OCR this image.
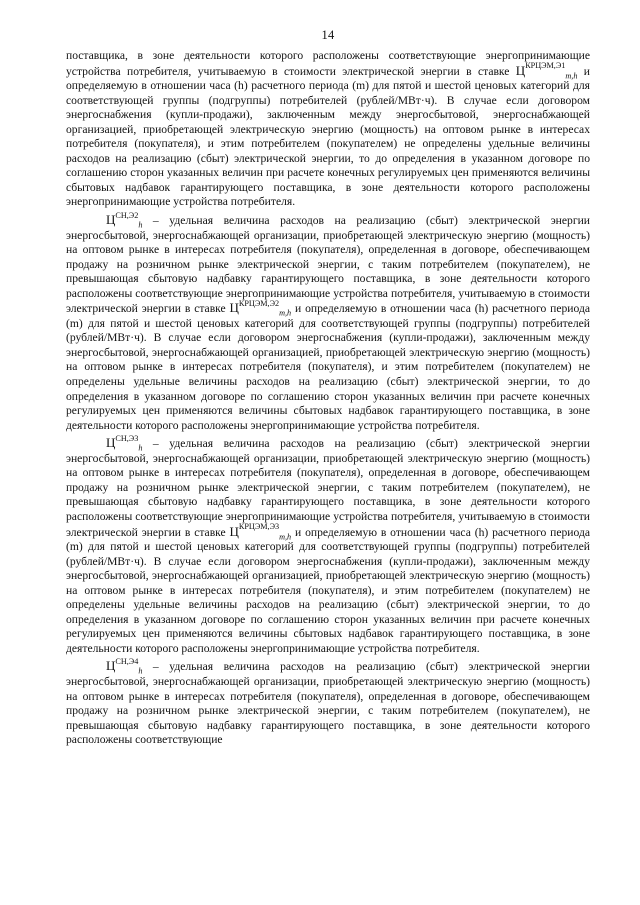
14

поставщика, в зоне деятельности которого расположены соответствующие энергопринимающие устройства потребителя, учитываемую в стоимости электрической энергии в ставке $Ц^{КРЦЭМ,Э1}_{m,h}$ и определяемую в отношении часа (h) расчетного периода (m) для пятой и шестой ценовых категорий для соответствующей группы (подгруппы) потребителей (рублей/МВт·ч). В случае если договором энергоснабжения (купли-продажи), заключенным между энергосбытовой, энергоснабжающей организацией, приобретающей электрическую энергию (мощность) на оптовом рынке в интересах потребителя (покупателя), и этим потребителем (покупателем) не определены удельные величины расходов на реализацию (сбыт) электрической энергии, то до определения в указанном договоре по соглашению сторон указанных величин при расчете конечных регулируемых цен применяются величины сбытовых надбавок гарантирующего поставщика, в зоне деятельности которого расположены энергопринимающие устройства потребителя.

$Ц^{СН,Э2}_h$ – удельная величина расходов на реализацию (сбыт) электрической энергии энергосбытовой, энергоснабжающей организации, приобретающей электрическую энергию (мощность) на оптовом рынке в интересах потребителя (покупателя), определенная в договоре, обеспечивающем продажу на розничном рынке электрической энергии, с таким потребителем (покупателем), не превышающая сбытовую надбавку гарантирующего поставщика, в зоне деятельности которого расположены соответствующие энергопринимающие устройства потребителя, учитываемую в стоимости электрической энергии в ставке $Ц^{КРЦЭМ,Э2}_{m,h}$ и определяемую в отношении часа (h) расчетного периода (m) для пятой и шестой ценовых категорий для соответствующей группы (подгруппы) потребителей (рублей/МВт·ч). В случае если договором энергоснабжения (купли-продажи), заключенным между энергосбытовой, энергоснабжающей организацией, приобретающей электрическую энергию (мощность) на оптовом рынке в интересах потребителя (покупателя), и этим потребителем (покупателем) не определены удельные величины расходов на реализацию (сбыт) электрической энергии, то до определения в указанном договоре по соглашению сторон указанных величин при расчете конечных регулируемых цен применяются величины сбытовых надбавок гарантирующего поставщика, в зоне деятельности которого расположены энергопринимающие устройства потребителя.

$Ц^{СН,Э3}_h$ – удельная величина расходов на реализацию (сбыт) электрической энергии энергосбытовой, энергоснабжающей организации, приобретающей электрическую энергию (мощность) на оптовом рынке в интересах потребителя (покупателя), определенная в договоре, обеспечивающем продажу на розничном рынке электрической энергии, с таким потребителем (покупателем), не превышающая сбытовую надбавку гарантирующего поставщика, в зоне деятельности которого расположены соответствующие энергопринимающие устройства потребителя, учитываемую в стоимости электрической энергии в ставке $Ц^{КРЦЭМ,Э3}_{m,h}$ и определяемую в отношении часа (h) расчетного периода (m) для пятой и шестой ценовых категорий для соответствующей группы (подгруппы) потребителей (рублей/МВт·ч). В случае если договором энергоснабжения (купли-продажи), заключенным между энергосбытовой, энергоснабжающей организацией, приобретающей электрическую энергию (мощность) на оптовом рынке в интересах потребителя (покупателя), и этим потребителем (покупателем) не определены удельные величины расходов на реализацию (сбыт) электрической энергии, то до определения в указанном договоре по соглашению сторон указанных величин при расчете конечных регулируемых цен применяются величины сбытовых надбавок гарантирующего поставщика, в зоне деятельности которого расположены энергопринимающие устройства потребителя.

$Ц^{СН,Э4}_h$ – удельная величина расходов на реализацию (сбыт) электрической энергии энергосбытовой, энергоснабжающей организации, приобретающей электрическую энергию (мощность) на оптовом рынке в интересах потребителя (покупателя), определенная в договоре, обеспечивающем продажу на розничном рынке электрической энергии, с таким потребителем (покупателем), не превышающая сбытовую надбавку гарантирующего поставщика, в зоне деятельности которого расположены соответствующие
